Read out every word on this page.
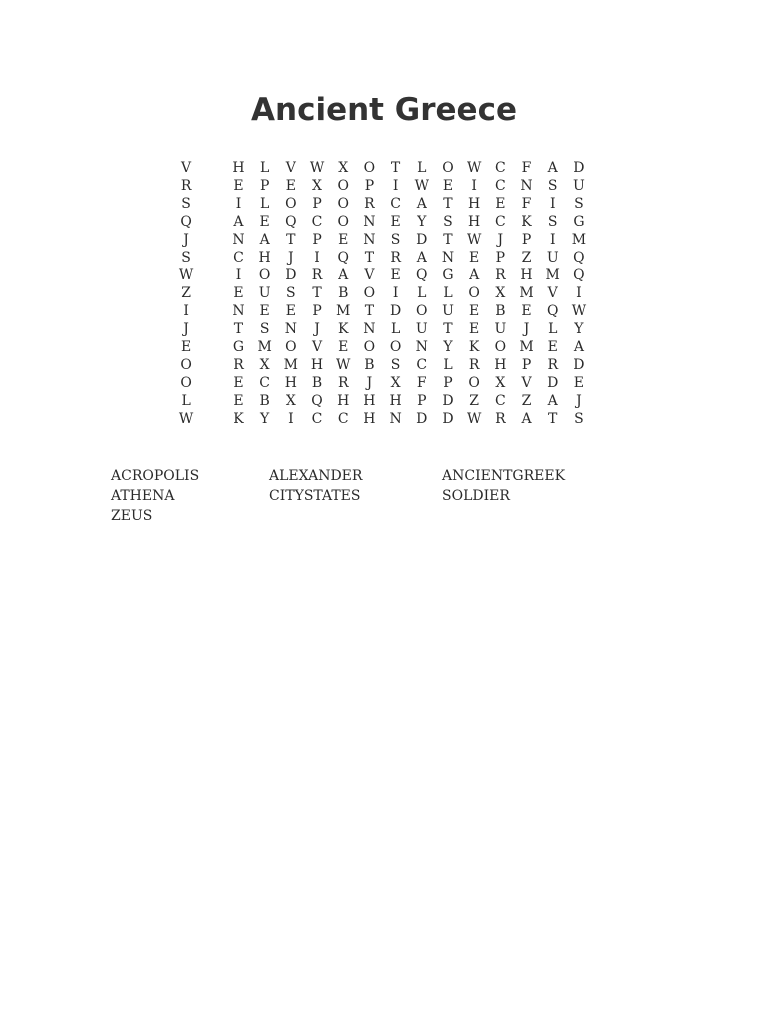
Ancient Greece
V		H	L	V	W	X	O	T	L	O	W	C	F	A	D
R		E	P	E	X	O	P	I	W	E	I	C	N	S	U
S		I	L	O	P	O	R	C	A	T	H	E	F	I	S
Q		A	E	Q	C	O	N	E	Y	S	H	C	K	S	G
J		N	A	T	P	E	N	S	D	T	W	J	P	I	M
S		C	H	J	I	Q	T	R	A	N	E	P	Z	U	Q
W		I	O	D	R	A	V	E	Q	G	A	R	H	M	Q
Z		E	U	S	T	B	O	I	L	L	O	X	M	V	I
I		N	E	E	P	M	T	D	O	U	E	B	E	Q	W
J		T	S	N	J	K	N	L	U	T	E	U	J	L	Y
E		G	M	O	V	E	O	O	N	Y	K	O	M	E	A
O		R	X	M	H	W	B	S	C	L	R	H	P	R	D
O		E	C	H	B	R	J	X	F	P	O	X	V	D	E
L		E	B	X	Q	H	H	H	P	D	Z	C	Z	A	J
W		K	Y	I	C	C	H	N	D	D	W	R	A	T	S
ACROPOLIS	ALEXANDER	ANCIENTGREEK
ATHENA	CITYSTATES	SOLDIER
ZEUS
